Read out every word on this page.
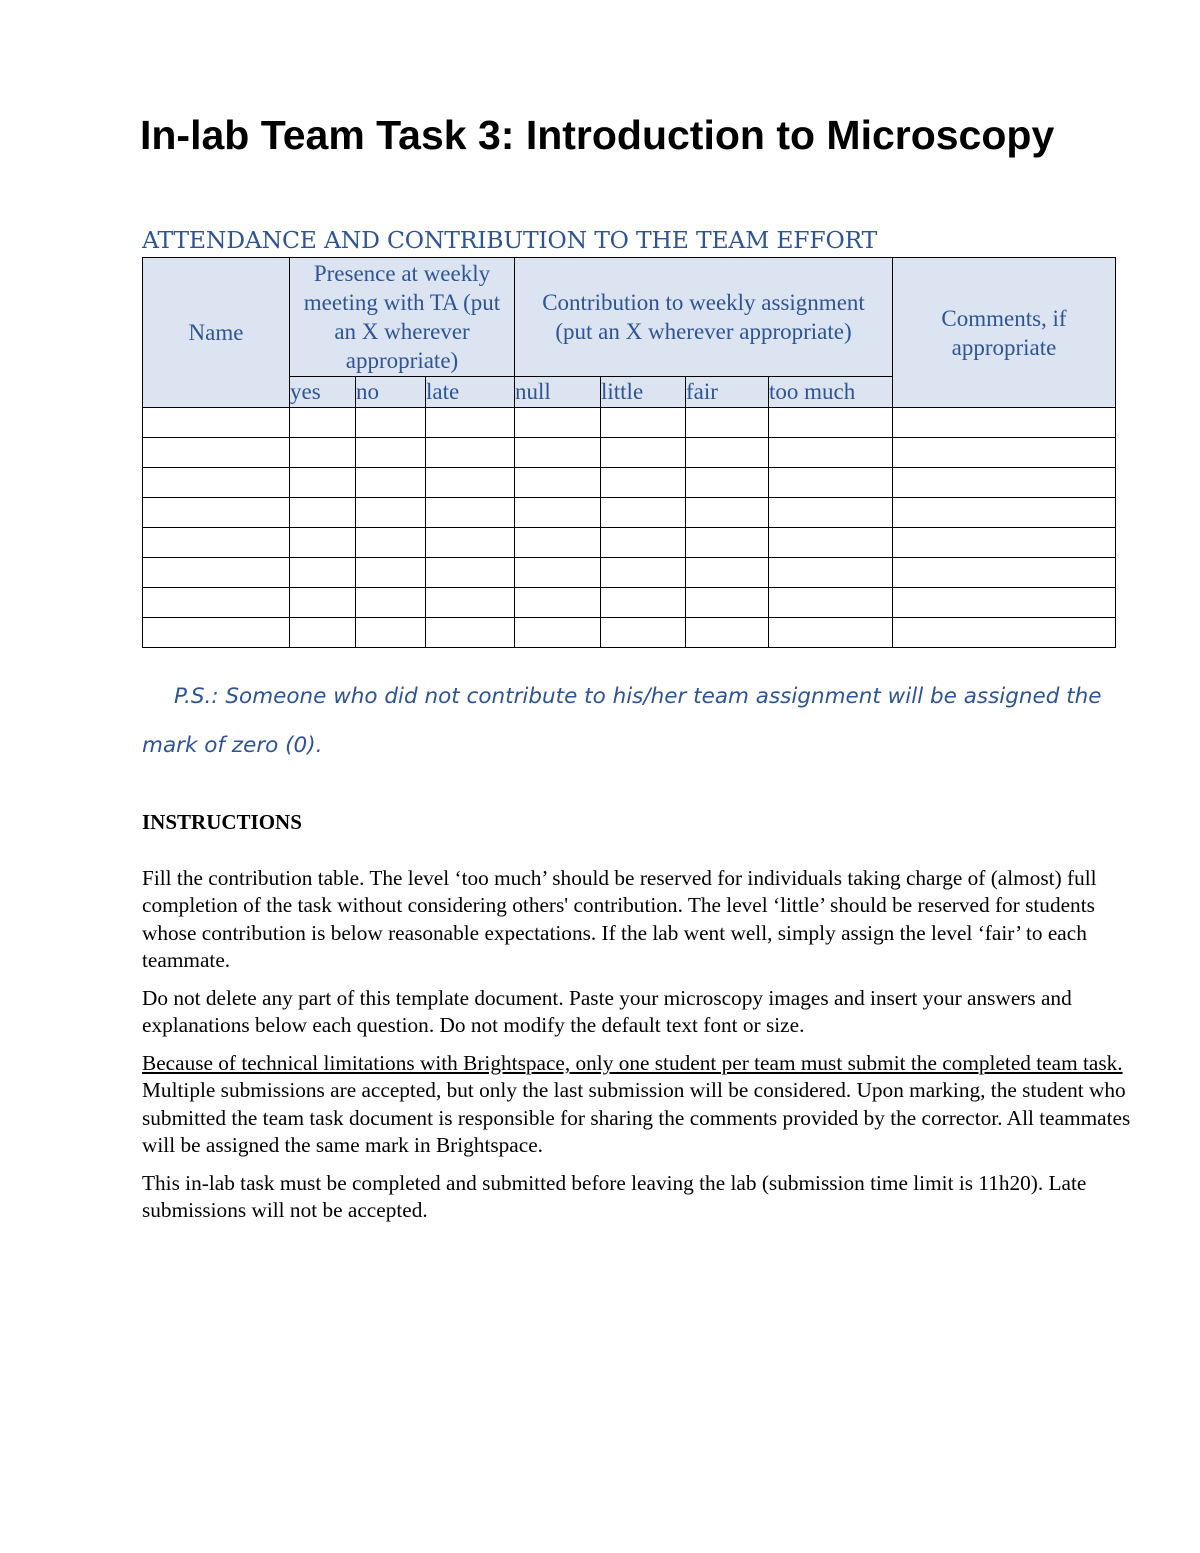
In-lab Team Task 3: Introduction to Microscopy
ATTENDANCE AND CONTRIBUTION TO THE TEAM EFFORT
Name	Presence at weekly meeting with TA (put an X wherever appropriate)			Contribution to weekly assignment (put an X wherever appropriate)				Comments, if appropriate
	yes	no	late	null	little	fair	too much	

P.S.: Someone who did not contribute to his/her team assignment will be assigned the mark of zero (0).

INSTRUCTIONS

Fill the contribution table. The level ‘too much’ should be reserved for individuals taking charge of (almost) full completion of the task without considering others' contribution. The level ‘little’ should be reserved for students whose contribution is below reasonable expectations. If the lab went well, simply assign the level ‘fair’ to each teammate.

Do not delete any part of this template document. Paste your microscopy images and insert your answers and explanations below each question. Do not modify the default text font or size.

Because of technical limitations with Brightspace, only one student per team must submit the completed team task. Multiple submissions are accepted, but only the last submission will be considered. Upon marking, the student who submitted the team task document is responsible for sharing the comments provided by the corrector. All teammates will be assigned the same mark in Brightspace.

This in-lab task must be completed and submitted before leaving the lab (submission time limit is 11h20). Late submissions will not be accepted.
